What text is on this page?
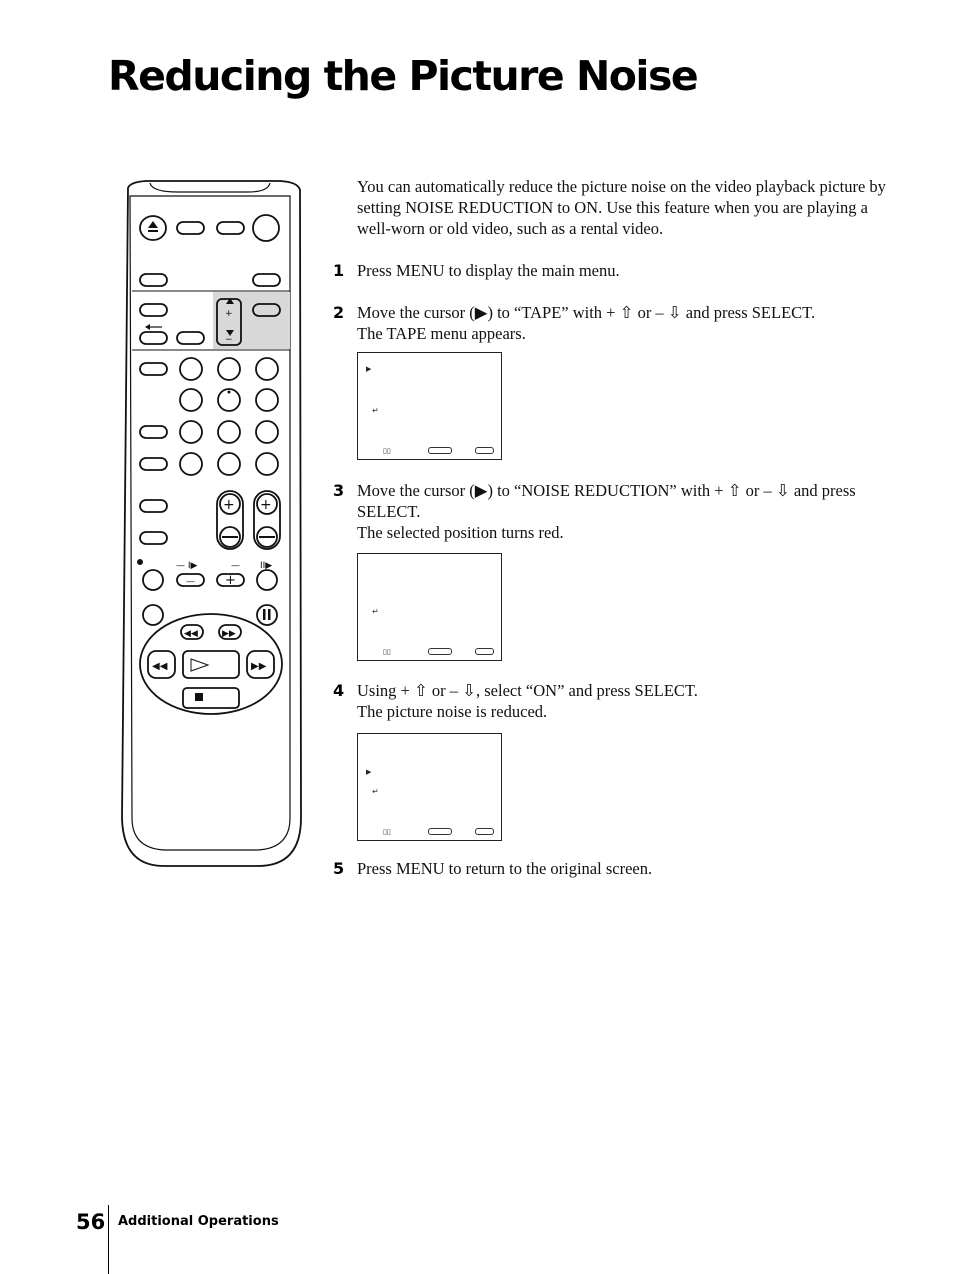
Reducing the Picture Noise

You can automatically reduce the picture noise on the video playback picture by setting NOISE REDUCTION to ON. Use this feature when you are playing a well-worn or old video, such as a rental video.

+
−
+ +
— I▶	— II▶
— +
◀◀	▶▶
◀◀	▶▶
1 Press MENU to display the main menu.

2 Move the cursor (▶) to “TAPE” with + ⇧ or – ⇩ and press SELECT.
The TAPE menu appears.

▶
↵
▯▯
3 Move the cursor (▶) to “NOISE REDUCTION” with + ⇧ or – ⇩ and press
SELECT.
The selected position turns red.

↵
▯▯
4 Using + ⇧ or – ⇩, select “ON” and press SELECT.
The picture noise is reduced.

▶
↵
▯▯
5 Press MENU to return to the original screen.

56 Additional Operations
